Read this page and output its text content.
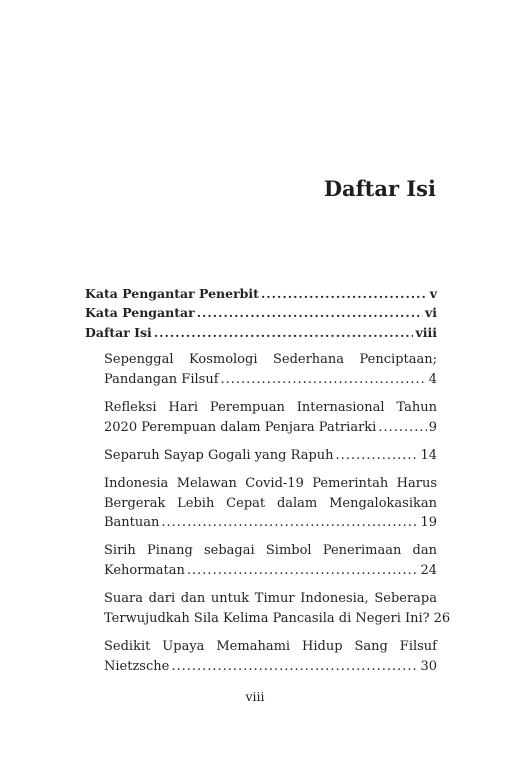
Daftar Isi
Kata Pengantar Penerbit .....	v
Kata Pengantar .....	vi
Daftar Isi .....	viii
Sepenggal Kosmologi Sederhana Penciptaan;
Pandangan Filsuf .....	4
Refleksi Hari Perempuan Internasional Tahun
2020 Perempuan dalam Penjara Patriarki .....	9
Separuh Sayap Gogali yang Rapuh .....	14
Indonesia Melawan Covid-19 Pemerintah Harus
Bergerak Lebih Cepat dalam Mengalokasikan
Bantuan .....	19
Sirih Pinang sebagai Simbol Penerimaan dan
Kehormatan .....	24
Suara dari dan untuk Timur Indonesia, Seberapa
Terwujudkah Sila Kelima Pancasila di Negeri Ini? 26
Sedikit Upaya Memahami Hidup Sang Filsuf
Nietzsche .....	30
viii
